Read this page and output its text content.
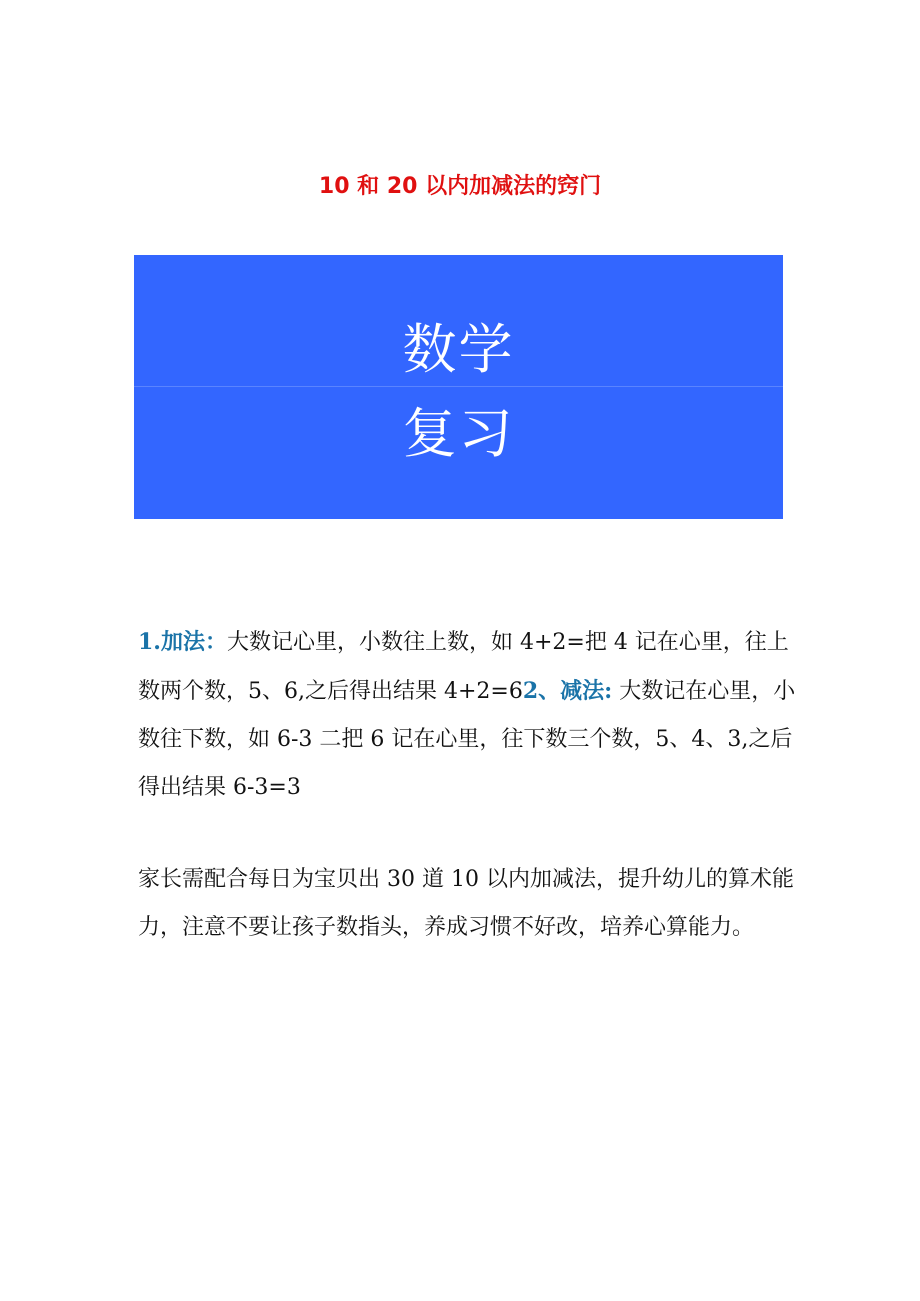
10 和 20 以内加减法的窍门
数学
复习

1.加法：大数记心里，小数往上数，如 4+2=把 4 记在心里，往上数两个数，5、6,之后得出结果 4+2=62、减法: 大数记在心里，小数往下数，如 6-3 二把 6 记在心里，往下数三个数，5、4、3,之后得出结果 6-3=3

家长需配合每日为宝贝出 30 道 10 以内加减法，提升幼儿的算术能力，注意不要让孩子数指头，养成习惯不好改，培养心算能力。
